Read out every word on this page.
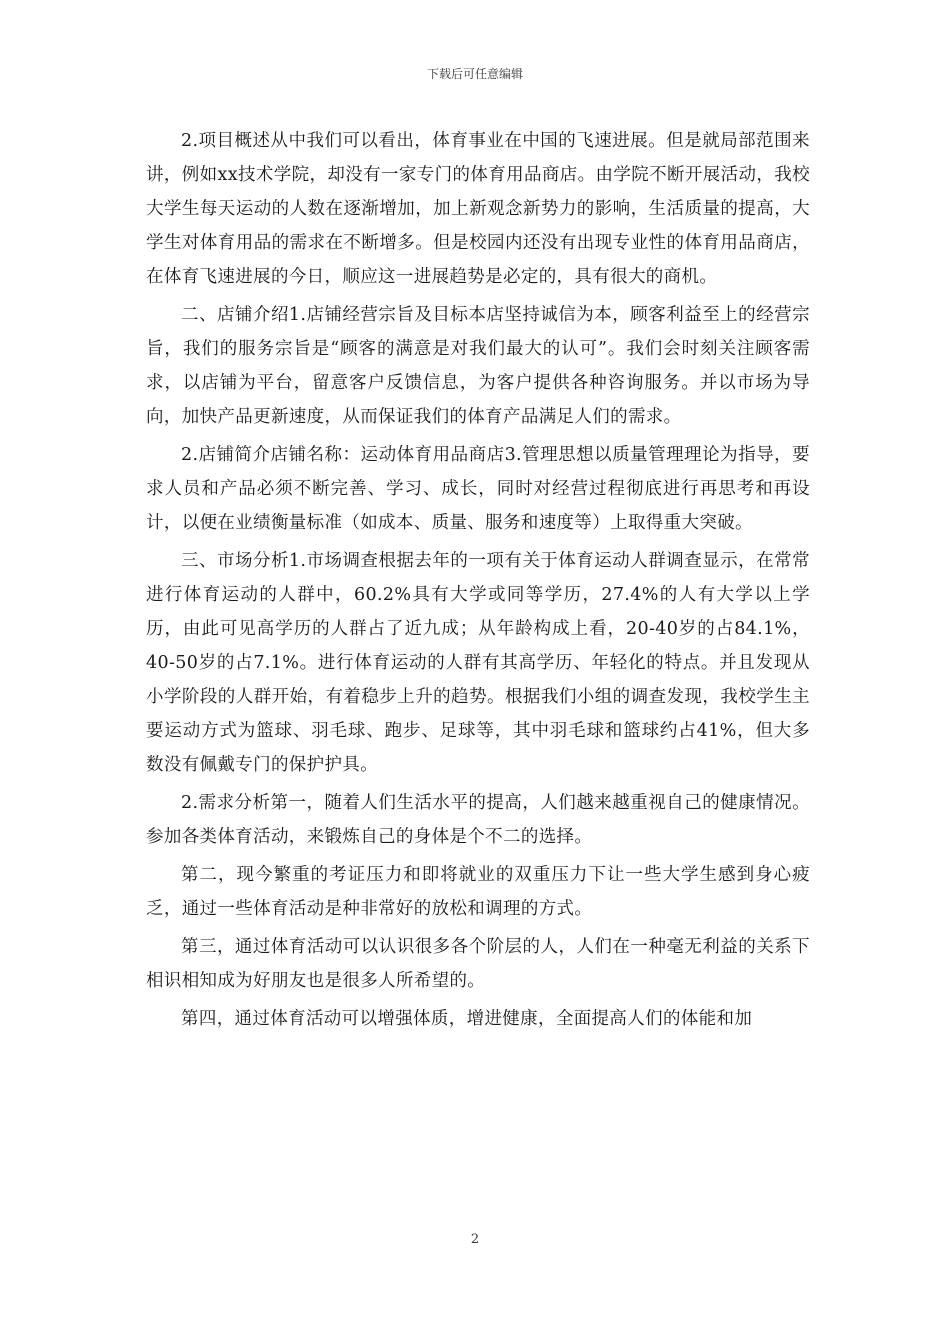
下载后可任意编辑

2.项目概述从中我们可以看出，体育事业在中国的飞速进展。但是就局部范围来讲，例如xx技术学院，却没有一家专门的体育用品商店。由学院不断开展活动，我校大学生每天运动的人数在逐渐增加，加上新观念新势力的影响，生活质量的提高，大学生对体育用品的需求在不断增多。但是校园内还没有出现专业性的体育用品商店，在体育飞速进展的今日，顺应这一进展趋势是必定的，具有很大的商机。

二、店铺介绍1.店铺经营宗旨及目标本店坚持诚信为本，顾客利益至上的经营宗旨，我们的服务宗旨是“顾客的满意是对我们最大的认可”。我们会时刻关注顾客需求，以店铺为平台，留意客户反馈信息，为客户提供各种咨询服务。并以市场为导向，加快产品更新速度，从而保证我们的体育产品满足人们的需求。

2.店铺简介店铺名称：运动体育用品商店3.管理思想以质量管理理论为指导，要求人员和产品必须不断完善、学习、成长，同时对经营过程彻底进行再思考和再设计，以便在业绩衡量标准（如成本、质量、服务和速度等）上取得重大突破。

三、市场分析1.市场调查根据去年的一项有关于体育运动人群调查显示，在常常进行体育运动的人群中，60.2%具有大学或同等学历，27.4%的人有大学以上学历，由此可见高学历的人群占了近九成；从年龄构成上看，20-40岁的占84.1%，40-50岁的占7.1%。进行体育运动的人群有其高学历、年轻化的特点。并且发现从小学阶段的人群开始，有着稳步上升的趋势。根据我们小组的调查发现，我校学生主要运动方式为篮球、羽毛球、跑步、足球等，其中羽毛球和篮球约占41%，但大多数没有佩戴专门的保护护具。

2.需求分析第一，随着人们生活水平的提高，人们越来越重视自己的健康情况。参加各类体育活动，来锻炼自己的身体是个不二的选择。

第二，现今繁重的考证压力和即将就业的双重压力下让一些大学生感到身心疲乏，通过一些体育活动是种非常好的放松和调理的方式。

第三，通过体育活动可以认识很多各个阶层的人，人们在一种毫无利益的关系下相识相知成为好朋友也是很多人所希望的。

第四，通过体育活动可以增强体质，增进健康，全面提高人们的体能和加

2
